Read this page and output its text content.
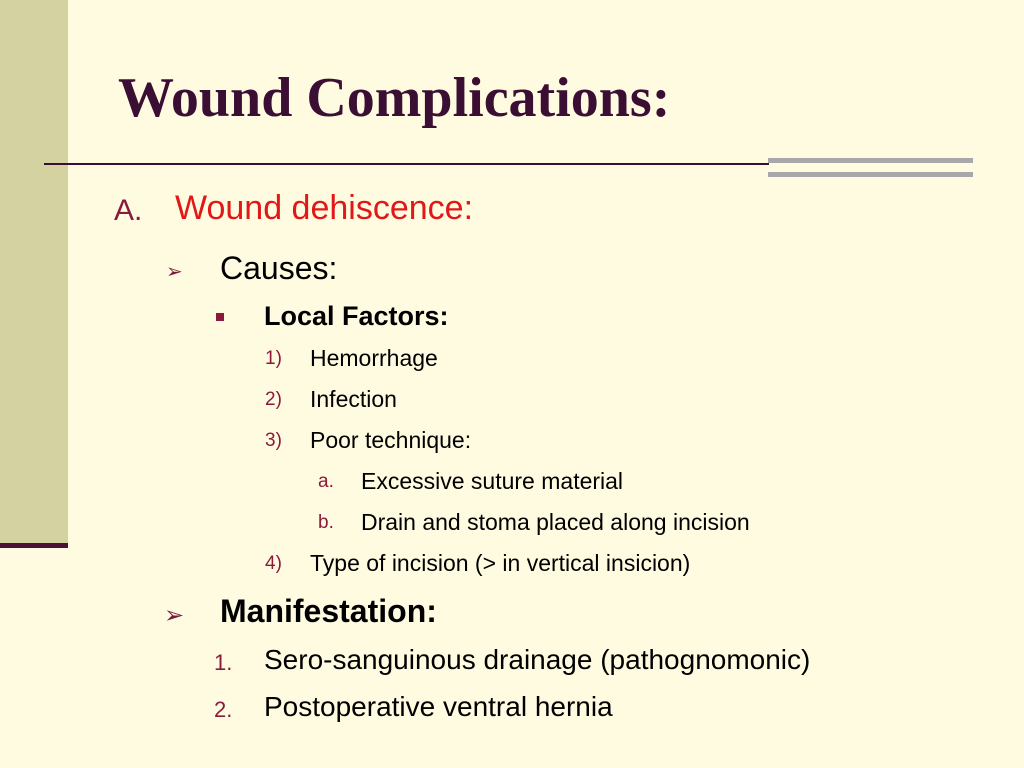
Wound Complications:
A. Wound dehiscence:
➢ Causes:
Local Factors:
1) Hemorrhage
2) Infection
3) Poor technique:
a. Excessive suture material
b. Drain and stoma placed along incision
4) Type of incision (> in vertical insicion)
➢ Manifestation:
1. Sero-sanguinous drainage (pathognomonic)
2. Postoperative ventral hernia
